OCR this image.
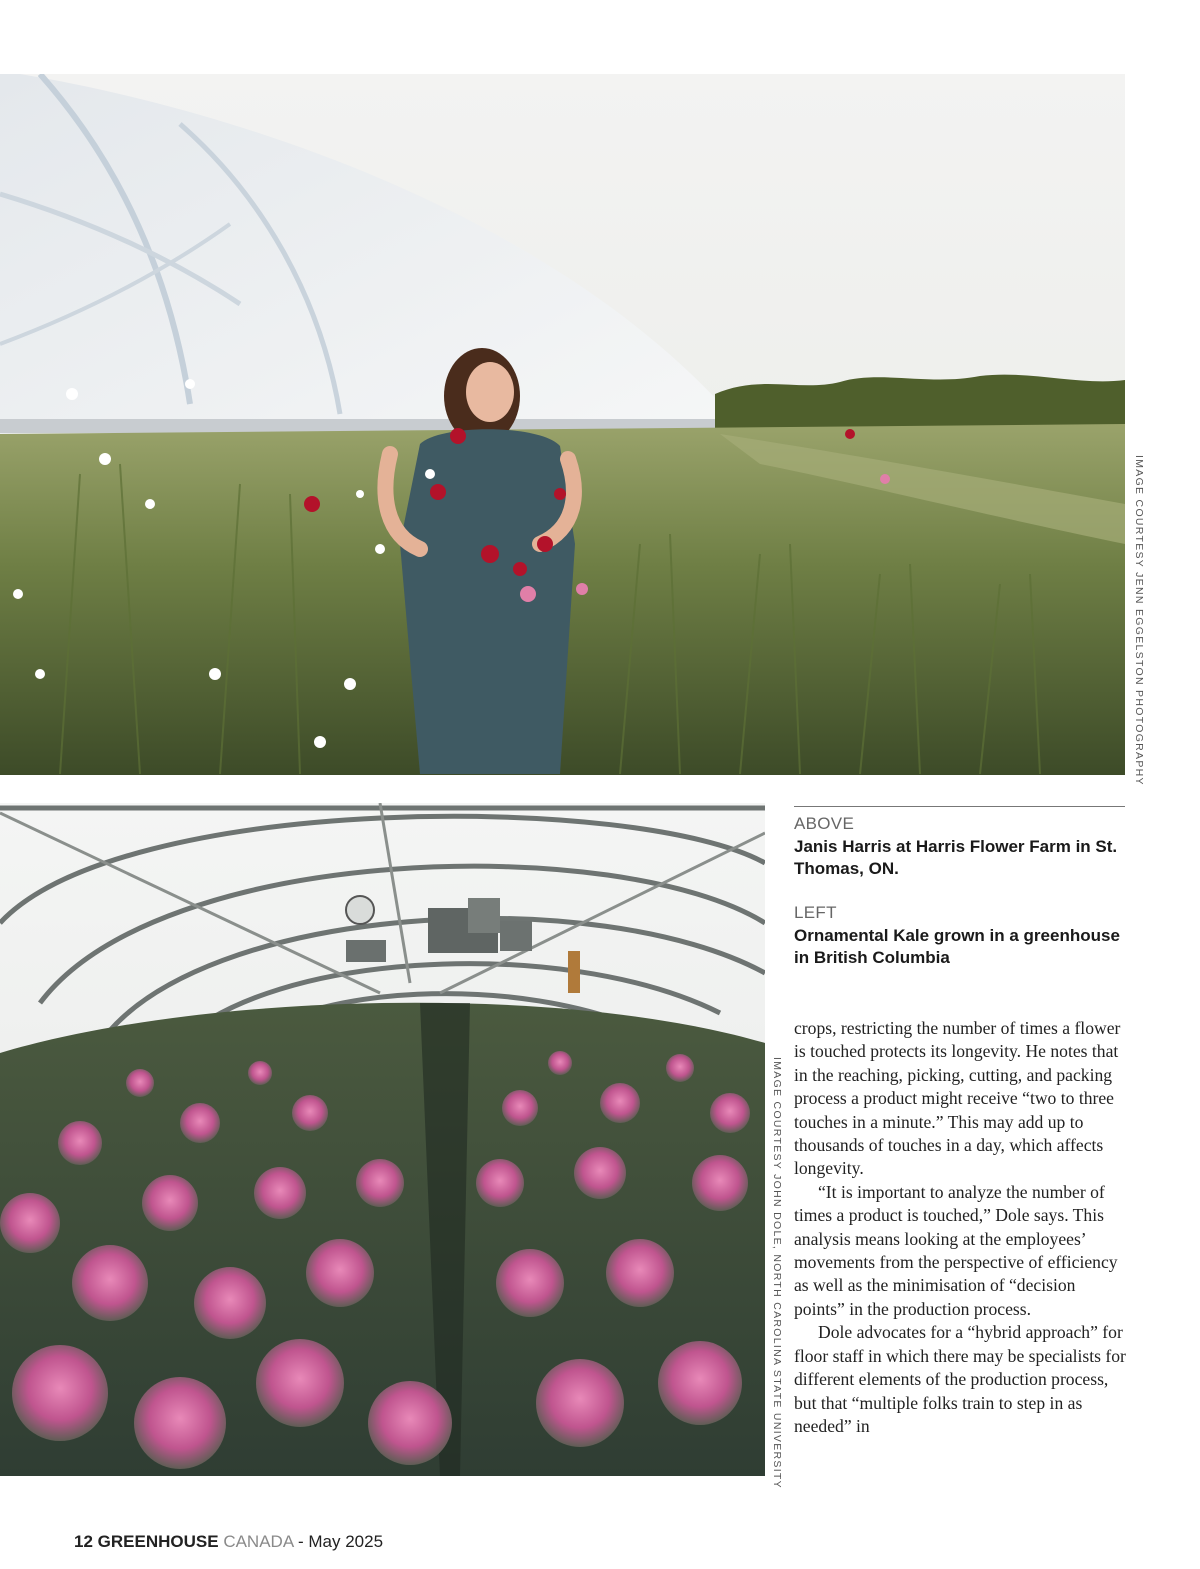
IMAGE COURTESY JENN EGGELSTON PHOTOGRAPHY
IMAGE COURTESY JOHN DOLE, NORTH CAROLINA STATE UNIVERSITY
ABOVE
Janis Harris at Harris Flower Farm in St. Thomas, ON.
LEFT
Ornamental Kale grown in a greenhouse in British Columbia

crops, restricting the number of times a flower is touched protects its longevity. He notes that in the reaching, picking, cutting, and packing process a product might receive “two to three touches in a minute.” This may add up to thousands of touches in a day, which affects longevity.

“It is important to analyze the number of times a product is touched,” Dole says. This analysis means looking at the employees’ movements from the perspective of efficiency as well as the minimisation of “decision points” in the production process.

Dole advocates for a “hybrid approach” for floor staff in which there may be specialists for different elements of the production process, but that “multiple folks train to step in as needed” in

12 GREENHOUSE CANADA - May 2025
